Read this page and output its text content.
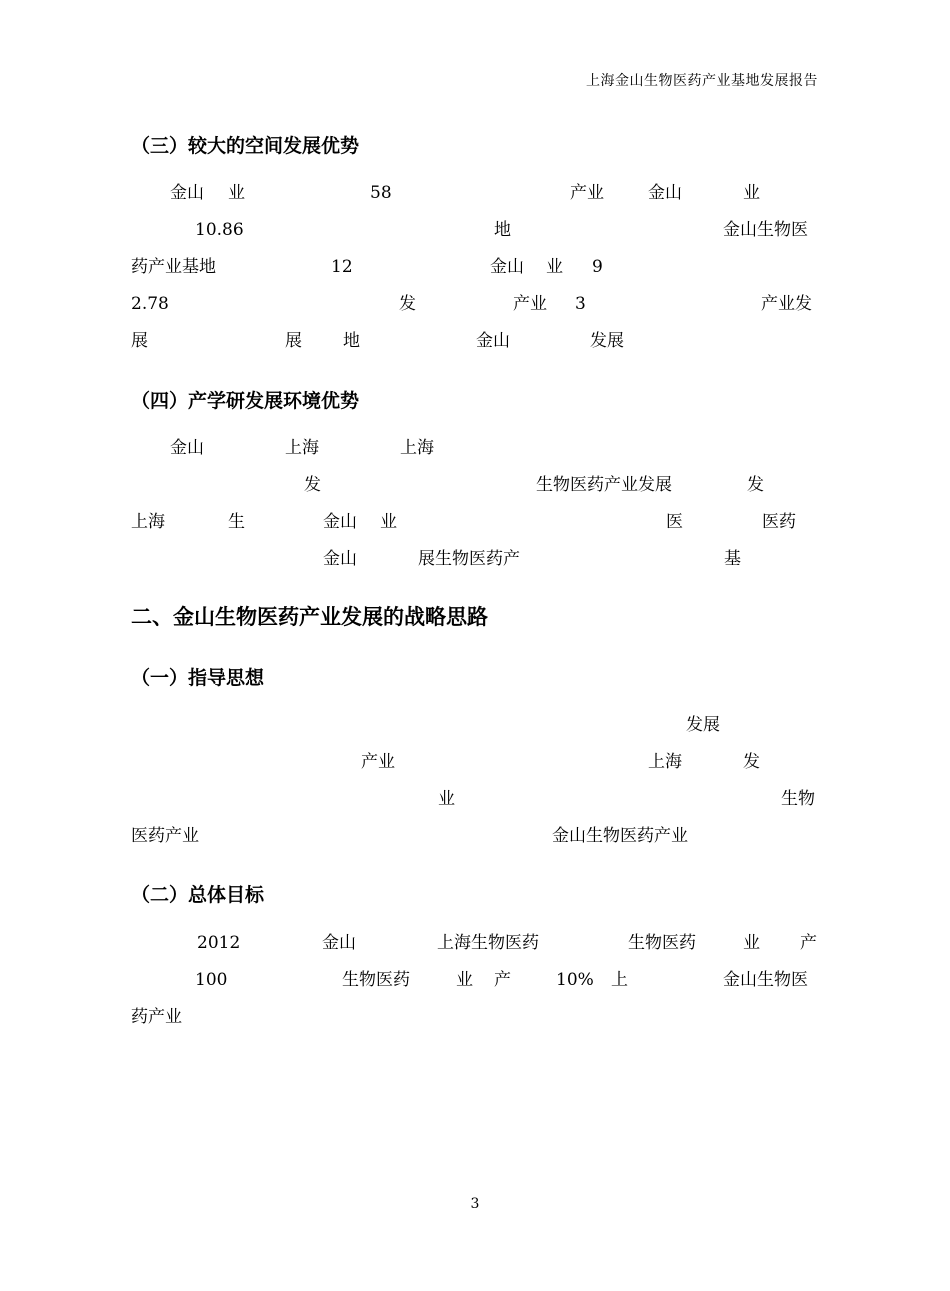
上海金山生物医药产业基地发展报告
（三）较大的空间发展优势
金山 业	58	产业	金山	业
10.86	地	金山生物医
药产业基地	12	金山 业 9
2.78	发	产业 3	产业发
展	展 地	金山	发展
（四）产学研发展环境优势
金山	上海	上海
发	生物医药产业发展	发
上海	生	金山 业	医	医药
金山	展生物医药产	基
二、金山生物医药产业发展的战略思路
（一）指导思想
发展
产业	上海	发
业	生物
医药产业	金山生物医药产业
（二）总体目标
2012	金山	上海生物医药	生物医药	业 产
100	生物医药	业 产	10% 上	金山生物医
药产业
3
